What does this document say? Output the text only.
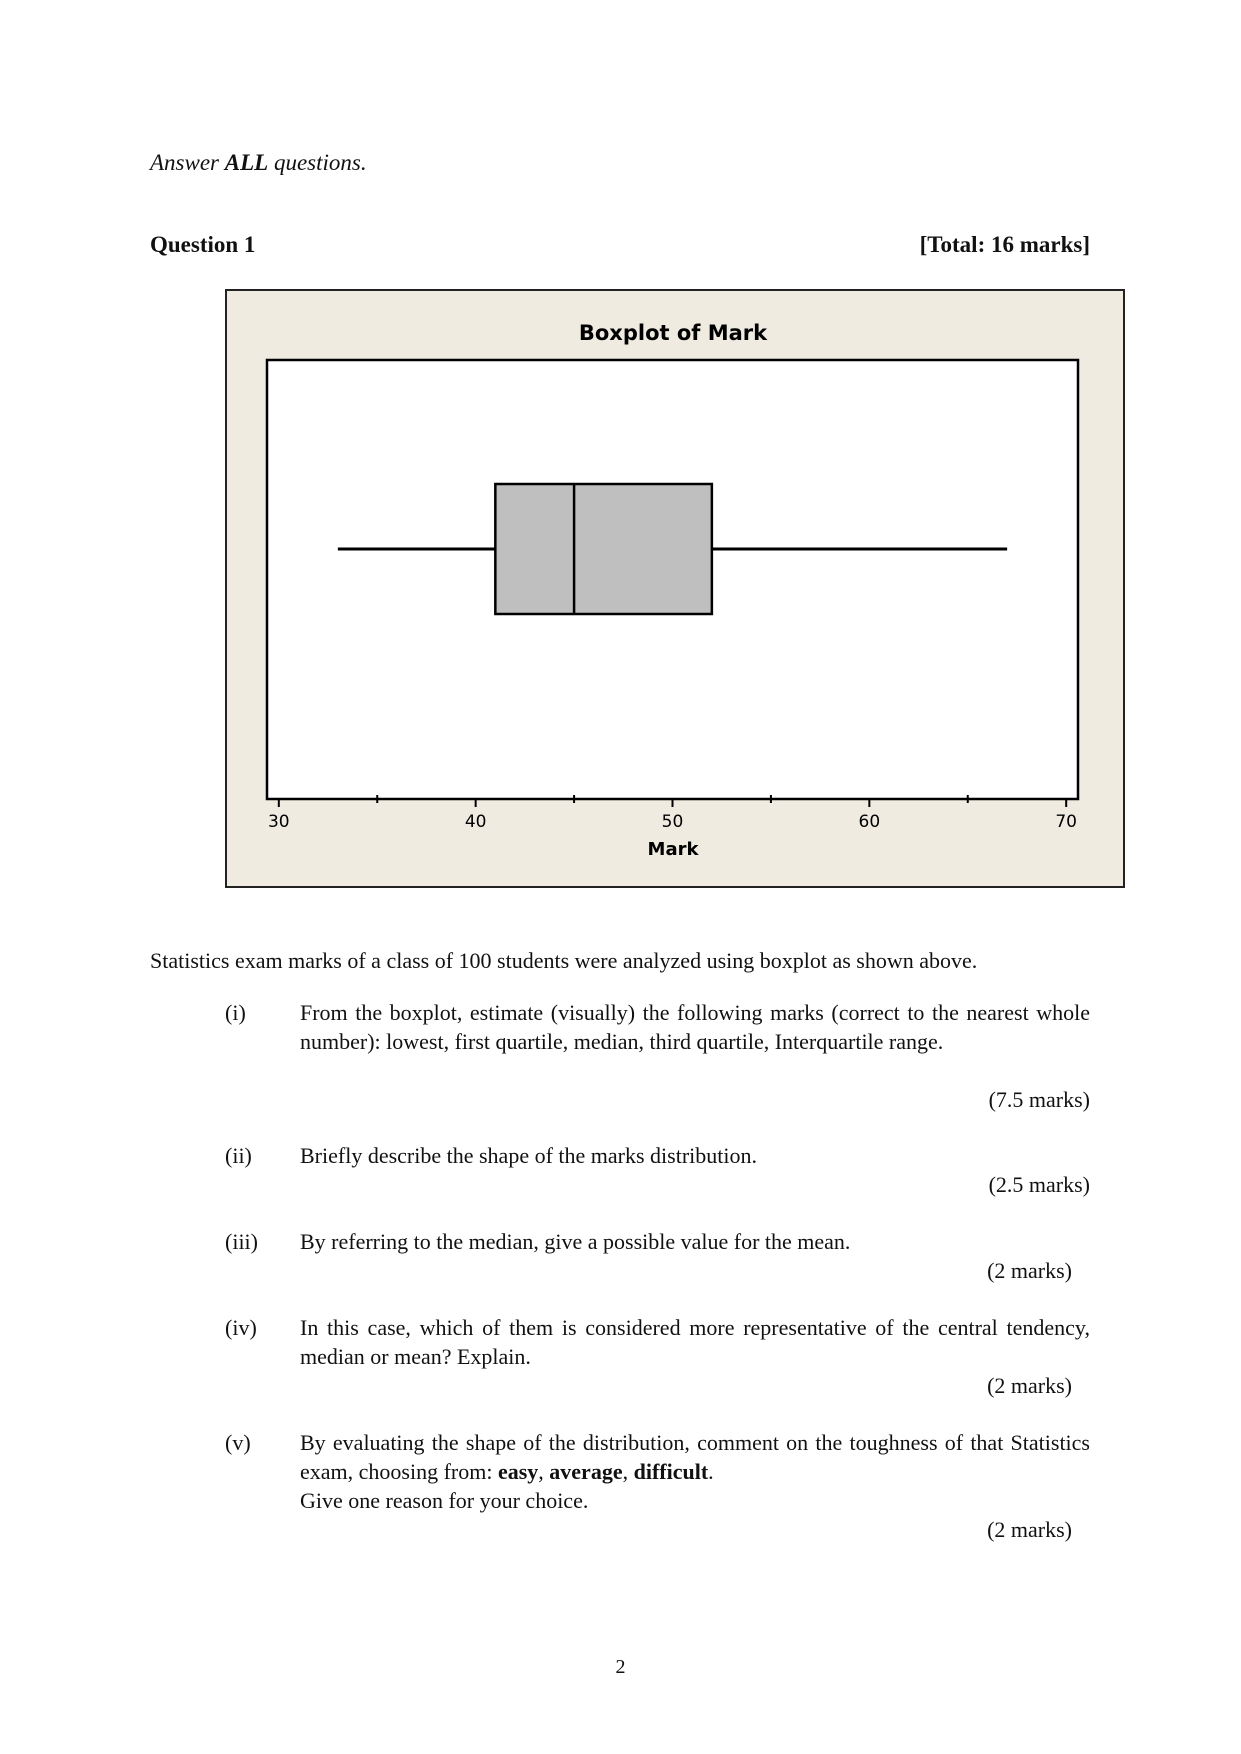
Answer ALL questions.
Question 1	[Total: 16 marks]
Boxplot of Mark
30	40	50	60	70
Mark
Statistics exam marks of a class of 100 students were analyzed using boxplot as shown above.
(i) From the boxplot, estimate (visually) the following marks (correct to the nearest whole number): lowest, first quartile, median, third quartile, Interquartile range.
(7.5 marks)
(ii) Briefly describe the shape of the marks distribution.
(2.5 marks)
(iii) By referring to the median, give a possible value for the mean.
(2 marks)
(iv) In this case, which of them is considered more representative of the central tendency, median or mean? Explain.
(2 marks)
(v) By evaluating the shape of the distribution, comment on the toughness of that Statistics exam, choosing from: easy, average, difficult.
Give one reason for your choice.
(2 marks)
2
